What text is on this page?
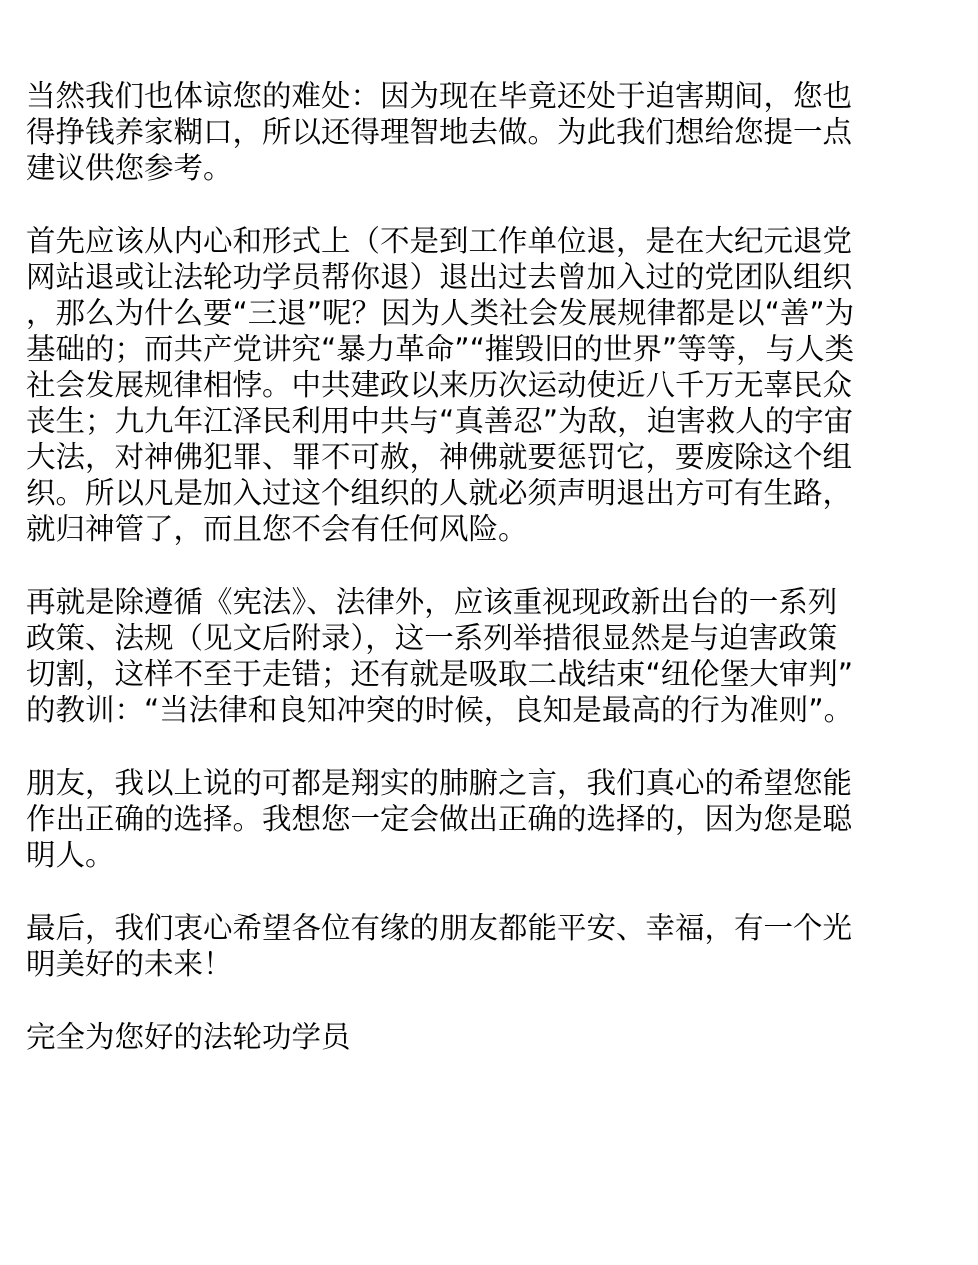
当然我们也体谅您的难处：因为现在毕竟还处于迫害期间，您也
得挣钱养家糊口，所以还得理智地去做。为此我们想给您提一点
建议供您参考。
首先应该从内心和形式上（不是到工作单位退，是在大纪元退党
网站退或让法轮功学员帮你退）退出过去曾加入过的党团队组织
，那么为什么要“三退”呢？因为人类社会发展规律都是以“善”为
基础的；而共产党讲究“暴力革命”“摧毁旧的世界”等等，与人类
社会发展规律相悖。中共建政以来历次运动使近八千万无辜民众
丧生；九九年江泽民利用中共与“真善忍”为敌，迫害救人的宇宙
大法，对神佛犯罪、罪不可赦，神佛就要惩罚它，要废除这个组
织。所以凡是加入过这个组织的人就必须声明退出方可有生路，
就归神管了，而且您不会有任何风险。
再就是除遵循《宪法》、法律外，应该重视现政新出台的一系列
政策、法规（见文后附录），这一系列举措很显然是与迫害政策
切割，这样不至于走错；还有就是吸取二战结束“纽伦堡大审判”
的教训：“当法律和良知冲突的时候，良知是最高的行为准则”。
朋友，我以上说的可都是翔实的肺腑之言，我们真心的希望您能
作出正确的选择。我想您一定会做出正确的选择的，因为您是聪
明人。
最后，我们衷心希望各位有缘的朋友都能平安、幸福，有一个光
明美好的未来！
完全为您好的法轮功学员
